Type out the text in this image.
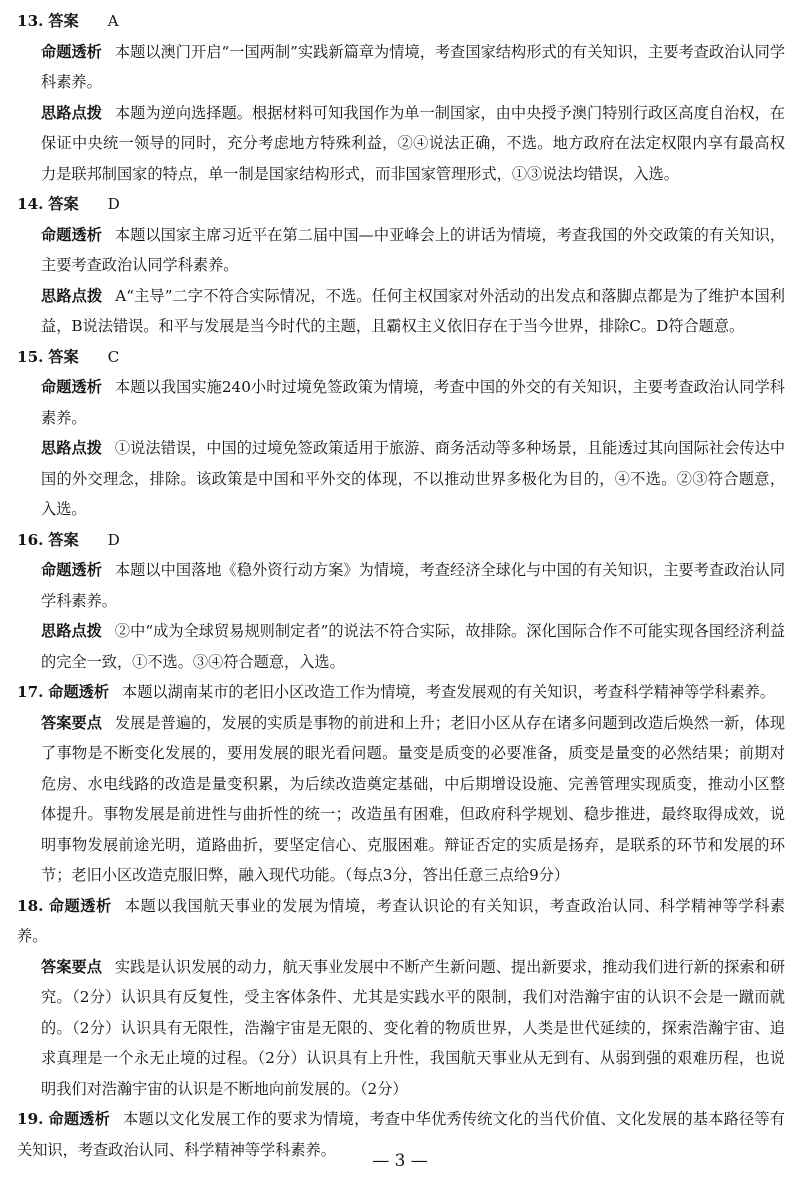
13. 答案 A
命题透析 本题以澳门开启“一国两制”实践新篇章为情境，考查国家结构形式的有关知识，主要考查政治认同学科素养。
思路点拨 本题为逆向选择题。根据材料可知我国作为单一制国家，由中央授予澳门特别行政区高度自治权，在保证中央统一领导的同时，充分考虑地方特殊利益，②④说法正确，不选。地方政府在法定权限内享有最高权力是联邦制国家的特点，单一制是国家结构形式，而非国家管理形式，①③说法均错误，入选。
14. 答案 D
命题透析 本题以国家主席习近平在第二届中国—中亚峰会上的讲话为情境，考查我国的外交政策的有关知识，主要考查政治认同学科素养。
思路点拨 A“主导”二字不符合实际情况，不选。任何主权国家对外活动的出发点和落脚点都是为了维护本国利益，B说法错误。和平与发展是当今时代的主题，且霸权主义依旧存在于当今世界，排除C。D符合题意。
15. 答案 C
命题透析 本题以我国实施240小时过境免签政策为情境，考查中国的外交的有关知识，主要考查政治认同学科素养。
思路点拨 ①说法错误，中国的过境免签政策适用于旅游、商务活动等多种场景，且能透过其向国际社会传达中国的外交理念，排除。该政策是中国和平外交的体现，不以推动世界多极化为目的，④不选。②③符合题意，入选。
16. 答案 D
命题透析 本题以中国落地《稳外资行动方案》为情境，考查经济全球化与中国的有关知识，主要考查政治认同学科素养。
思路点拨 ②中“成为全球贸易规则制定者”的说法不符合实际，故排除。深化国际合作不可能实现各国经济利益的完全一致，①不选。③④符合题意，入选。
17. 命题透析 本题以湖南某市的老旧小区改造工作为情境，考查发展观的有关知识，考查科学精神等学科素养。
答案要点 发展是普遍的，发展的实质是事物的前进和上升；老旧小区从存在诸多问题到改造后焕然一新，体现了事物是不断变化发展的，要用发展的眼光看问题。量变是质变的必要准备，质变是量变的必然结果；前期对危房、水电线路的改造是量变积累，为后续改造奠定基础，中后期增设设施、完善管理实现质变，推动小区整体提升。事物发展是前进性与曲折性的统一；改造虽有困难，但政府科学规划、稳步推进，最终取得成效，说明事物发展前途光明，道路曲折，要坚定信心、克服困难。辩证否定的实质是扬弃，是联系的环节和发展的环节；老旧小区改造克服旧弊，融入现代功能。（每点3分，答出任意三点给9分）
18. 命题透析 本题以我国航天事业的发展为情境，考查认识论的有关知识，考查政治认同、科学精神等学科素养。
答案要点 实践是认识发展的动力，航天事业发展中不断产生新问题、提出新要求，推动我们进行新的探索和研究。（2分）认识具有反复性，受主客体条件、尤其是实践水平的限制，我们对浩瀚宇宙的认识不会是一蹴而就的。（2分）认识具有无限性，浩瀚宇宙是无限的、变化着的物质世界，人类是世代延续的，探索浩瀚宇宙、追求真理是一个永无止境的过程。（2分）认识具有上升性，我国航天事业从无到有、从弱到强的艰难历程，也说明我们对浩瀚宇宙的认识是不断地向前发展的。（2分）
19. 命题透析 本题以文化发展工作的要求为情境，考查中华优秀传统文化的当代价值、文化发展的基本路径等有关知识，考查政治认同、科学精神等学科素养。
— 3 —
